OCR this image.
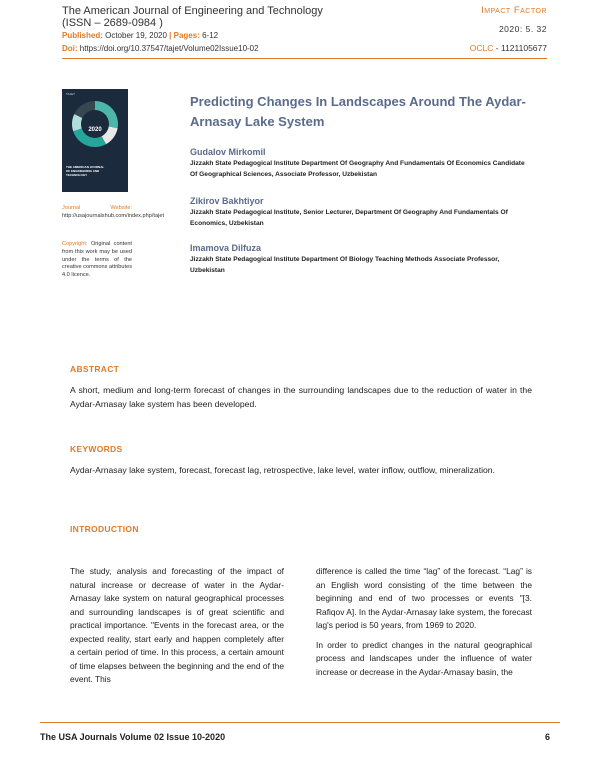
The American Journal of Engineering and Technology
(ISSN – 2689-0984 )
Published: October 19, 2020 | Pages: 6-12
Doi: https://doi.org/10.37547/tajet/Volume02Issue10-02
Impact Factor
2020: 5. 32
OCLC - 1121105677
TAJET
2020
THE AMERICAN JOURNAL OF ENGINEERING AND TECHNOLOGY
Journal Website: http://usajournalshub.com/index.php/tajet
Copyright: Original content from this work may be used under the terms of the creative commons attributes 4.0 licence.
Predicting Changes In Landscapes Around The Aydar-Arnasay Lake System
Gudalov Mirkomil
Jizzakh State Pedagogical Institute Department Of Geography And Fundamentals Of Economics Candidate Of Geographical Sciences, Associate Professor, Uzbekistan
Zikirov Bakhtiyor
Jizzakh State Pedagogical Institute, Senior Lecturer, Department Of Geography And Fundamentals Of Economics, Uzbekistan
Imamova Dilfuza
Jizzakh State Pedagogical Institute Department Of Biology Teaching Methods Associate Professor, Uzbekistan
ABSTRACT
A short, medium and long-term forecast of changes in the surrounding landscapes due to the reduction of water in the Aydar-Arnasay lake system has been developed.
KEYWORDS
Aydar-Arnasay lake system, forecast, forecast lag, retrospective, lake level, water inflow, outflow, mineralization.
INTRODUCTION

The study, analysis and forecasting of the impact of natural increase or decrease of water in the Aydar-Arnasay lake system on natural geographical processes and surrounding landscapes is of great scientific and practical importance. "Events in the forecast area, or the expected reality, start early and happen completely after a certain period of time. In this process, a certain amount of time elapses between the beginning and the end of the event. This

difference is called the time “lag” of the forecast. “Lag” is an English word consisting of the time between the beginning and end of two processes or events "[3. Rafiqov A]. In the Aydar-Arnasay lake system, the forecast lag's period is 50 years, from 1969 to 2020.

In order to predict changes in the natural geographical process and landscapes under the influence of water increase or decrease in the Aydar-Arnasay basin, the

The USA Journals Volume 02 Issue 10-2020	6
